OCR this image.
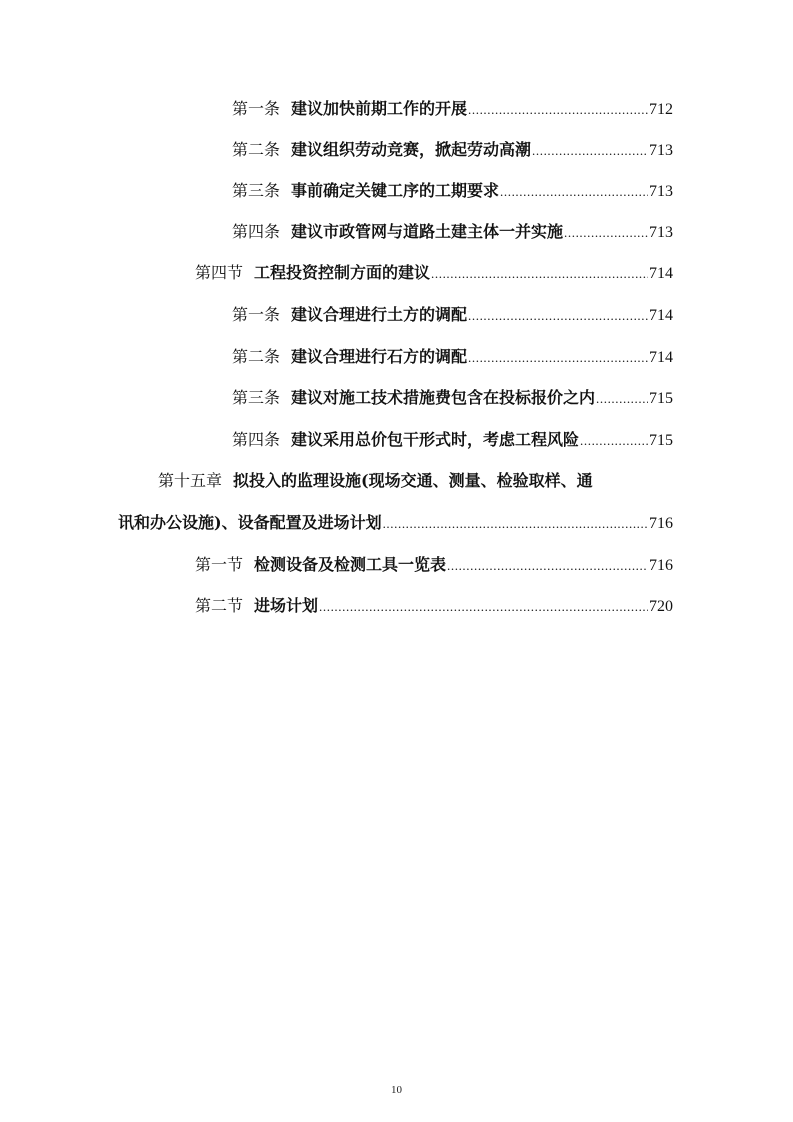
第一条 建议加快前期工作的开展 .....	712
第二条 建议组织劳动竞赛，掀起劳动高潮 .....	713
第三条 事前确定关键工序的工期要求 .....	713
第四条 建议市政管网与道路土建主体一并实施 .....	713
第四节 工程投资控制方面的建议 .....	714
第一条 建议合理进行土方的调配 .....	714
第二条 建议合理进行石方的调配 .....	714
第三条 建议对施工技术措施费包含在投标报价之内 .....	715
第四条 建议采用总价包干形式时，考虑工程风险 .....	715
第十五章 拟投入的监理设施(现场交通、测量、检验取样、通
讯和办公设施)、设备配置及进场计划 .....	716
第一节 检测设备及检测工具一览表 .....	716
第二节 进场计划 .....	720
10
